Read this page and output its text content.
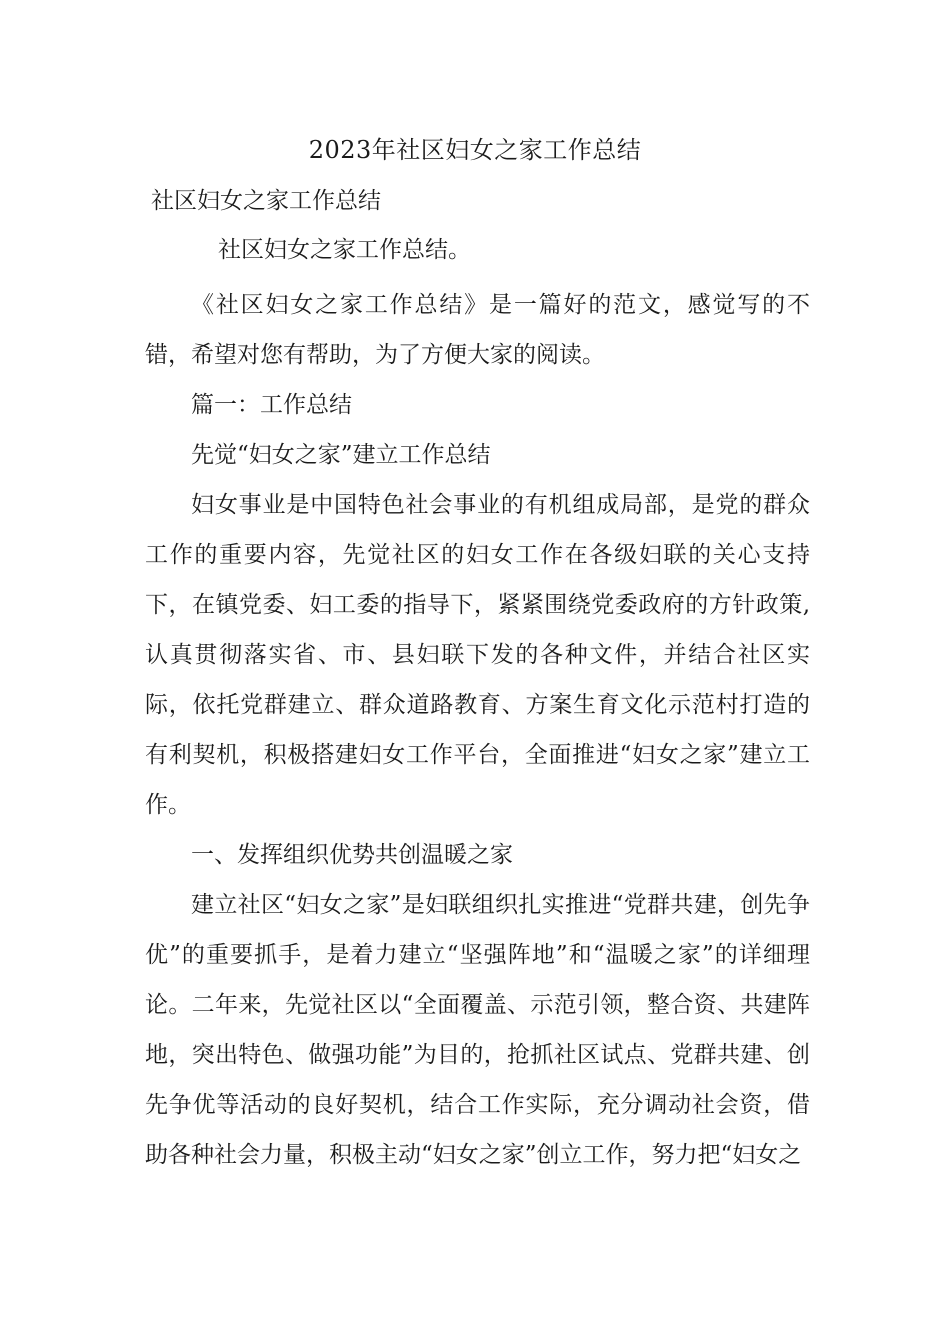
2023年社区妇女之家工作总结
社区妇女之家工作总结
社区妇女之家工作总结。

《社区妇女之家工作总结》是一篇好的范文，感觉写的不错，希望对您有帮助，为了方便大家的阅读。

篇一：工作总结

先觉“妇女之家”建立工作总结

妇女事业是中国特色社会事业的有机组成局部，是党的群众工作的重要内容，先觉社区的妇女工作在各级妇联的关心支持下，在镇党委、妇工委的指导下，紧紧围绕党委政府的方针政策,认真贯彻落实省、市、县妇联下发的各种文件，并结合社区实际，依托党群建立、群众道路教育、方案生育文化示范村打造的有利契机，积极搭建妇女工作平台，全面推进“妇女之家”建立工作。

一、发挥组织优势共创温暖之家

建立社区“妇女之家”是妇联组织扎实推进“党群共建，创先争优”的重要抓手，是着力建立“坚强阵地”和“温暖之家”的详细理论。二年来，先觉社区以“全面覆盖、示范引领，整合资、共建阵地，突出特色、做强功能”为目的，抢抓社区试点、党群共建、创先争优等活动的良好契机，结合工作实际，充分调动社会资，借助各种社会力量，积极主动“妇女之家”创立工作，努力把“妇女之
